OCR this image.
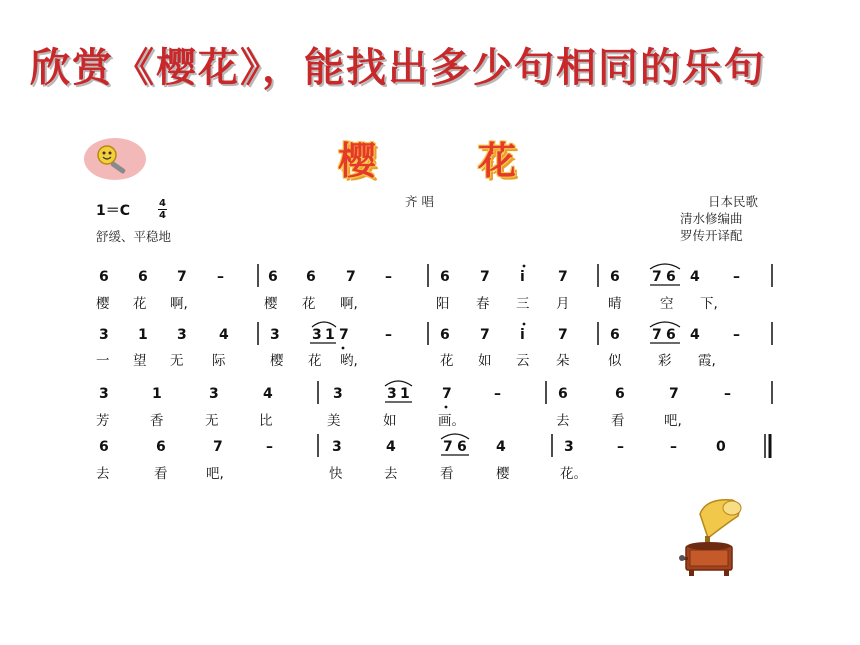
欣赏《樱花》，能找出多少句相同的乐句
樱	花
齐 唱	日本民歌
清水修编曲
罗传开译配
1＝C	4
4
舒缓、平稳地
6 6 7 –	6 6 7 –	6 7 i 7	6 7 6 4 –
樱 花 啊,	樱 花 啊,	阳 春 三 月	晴	空 下,
3 1 3 4	3 3 1 7	–	6 7 i 7	6 7 6 4 –
一 望 无 际	樱 花 哟,	花 如 云 朵	似	彩 霞,
3	1	3	4	3	3 1 7	–	6	6	7	–
芳	香	无	比	美	如	画。	去	看	吧,
6	6	7	–	3	4	7 6 4	3	–	–	0
去	看	吧,	快	去	看	樱	花。
